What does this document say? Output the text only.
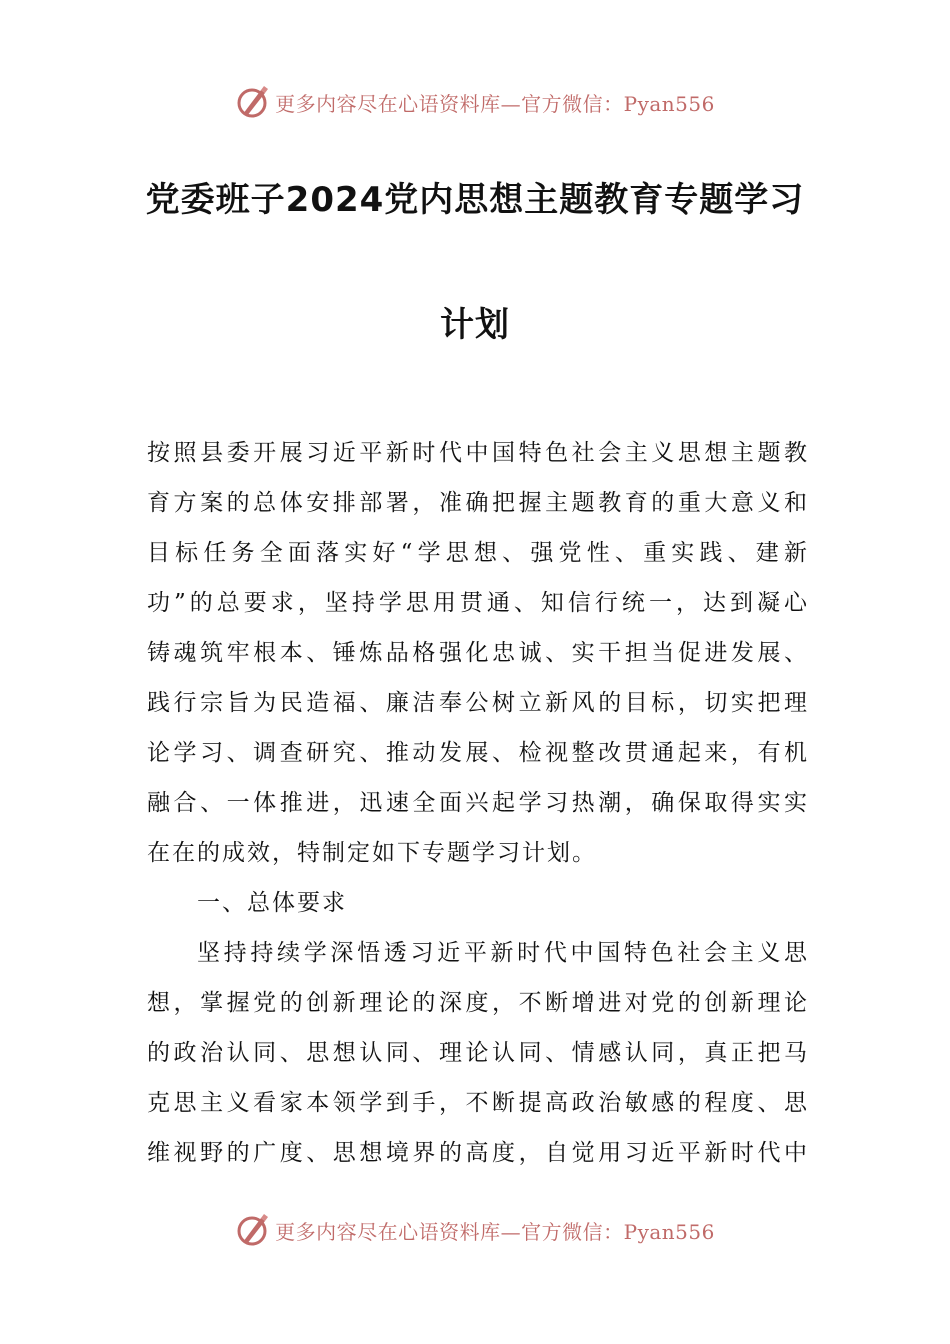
更多内容尽在心语资料库—官方微信：Pyan556
党委班子2024党内思想主题教育专题学习
计划
按照县委开展习近平新时代中国特色社会主义思想主题教
育方案的总体安排部署，准确把握主题教育的重大意义和
目标任务全面落实好“学思想、强党性、重实践、建新
功”的总要求，坚持学思用贯通、知信行统一，达到凝心
铸魂筑牢根本、锤炼品格强化忠诚、实干担当促进发展、
践行宗旨为民造福、廉洁奉公树立新风的目标，切实把理
论学习、调查研究、推动发展、检视整改贯通起来，有机
融合、一体推进，迅速全面兴起学习热潮，确保取得实实
在在的成效，特制定如下专题学习计划。
一、总体要求
坚持持续学深悟透习近平新时代中国特色社会主义思
想，掌握党的创新理论的深度，不断增进对党的创新理论
的政治认同、思想认同、理论认同、情感认同，真正把马
克思主义看家本领学到手，不断提高政治敏感的程度、思
维视野的广度、思想境界的高度，自觉用习近平新时代中
更多内容尽在心语资料库—官方微信：Pyan556
